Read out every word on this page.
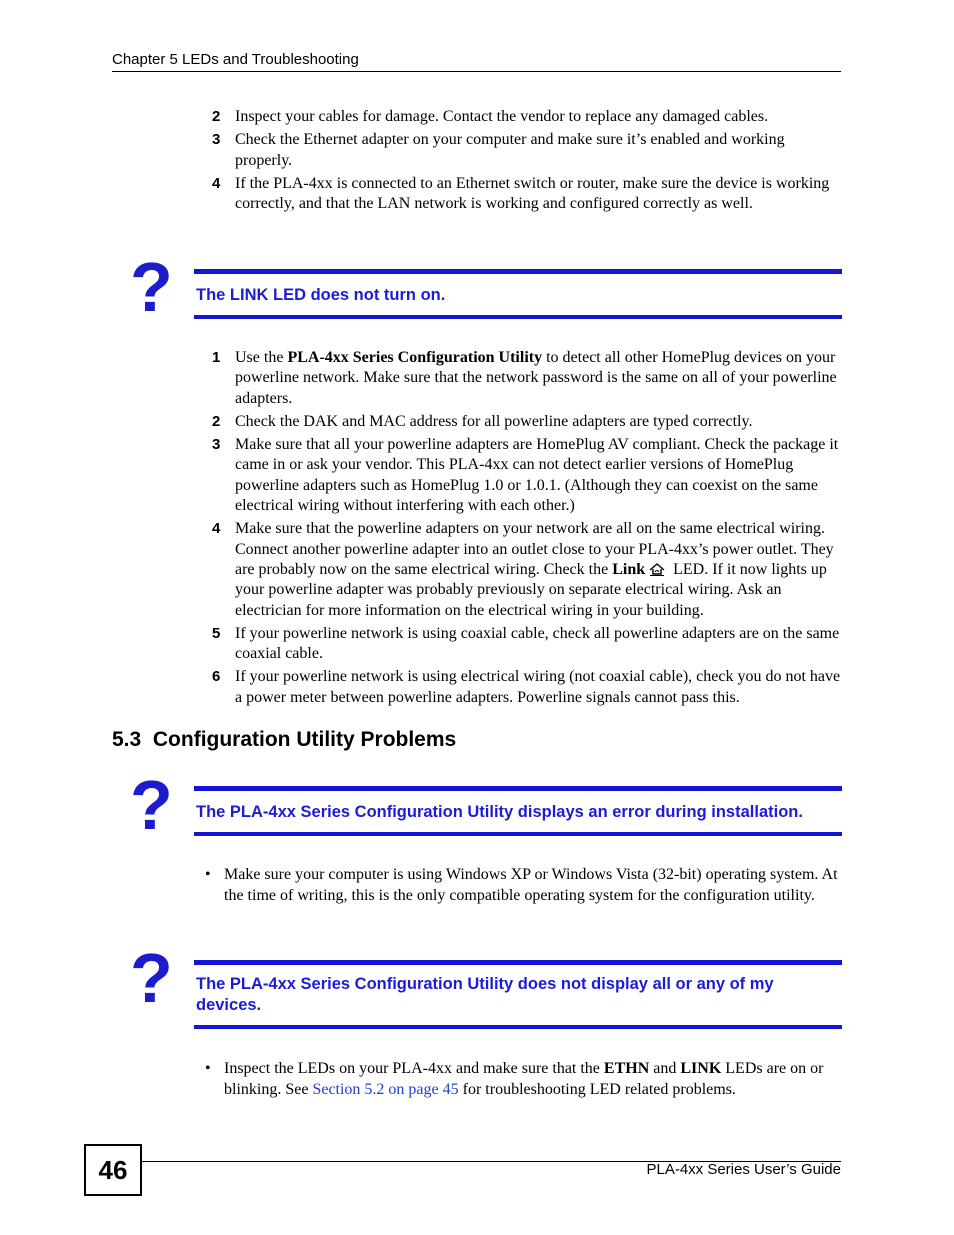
Chapter 5 LEDs and Troubleshooting
2 Inspect your cables for damage. Contact the vendor to replace any damaged cables.
3 Check the Ethernet adapter on your computer and make sure it’s enabled and working properly.
4 If the PLA-4xx is connected to an Ethernet switch or router, make sure the device is working correctly, and that the LAN network is working and configured correctly as well.
?	The LINK LED does not turn on.
1 Use the PLA-4xx Series Configuration Utility to detect all other HomePlug devices on your powerline network. Make sure that the network password is the same on all of your powerline adapters.
2 Check the DAK and MAC address for all powerline adapters are typed correctly.
3 Make sure that all your powerline adapters are HomePlug AV compliant. Check the package it came in or ask your vendor. This PLA-4xx can not detect earlier versions of HomePlug powerline adapters such as HomePlug 1.0 or 1.0.1. (Although they can coexist on the same electrical wiring without interfering with each other.)
4 Make sure that the powerline adapters on your network are all on the same electrical wiring. Connect another powerline adapter into an outlet close to your PLA-4xx’s power outlet. They are probably now on the same electrical wiring. Check the Link LED. If it now lights up your powerline adapter was probably previously on separate electrical wiring. Ask an electrician for more information on the electrical wiring in your building.
5 If your powerline network is using coaxial cable, check all powerline adapters are on the same coaxial cable.
6 If your powerline network is using electrical wiring (not coaxial cable), check you do not have a power meter between powerline adapters. Powerline signals cannot pass this.
5.3 Configuration Utility Problems
?	The PLA-4xx Series Configuration Utility displays an error during installation.
• Make sure your computer is using Windows XP or Windows Vista (32-bit) operating system. At the time of writing, this is the only compatible operating system for the configuration utility.
?	The PLA-4xx Series Configuration Utility does not display all or any of my devices.
• Inspect the LEDs on your PLA-4xx and make sure that the ETHN and LINK LEDs are on or blinking. See Section 5.2 on page 45 for troubleshooting LED related problems.
46	PLA-4xx Series User’s Guide
